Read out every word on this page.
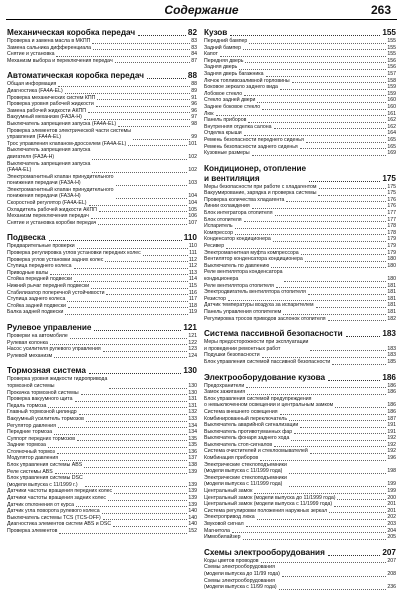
Содержание	263
Механическая коробка передач	82
Проверка и замена масла в МКПП	83
Замена сальника дифференциала	83
Снятие и установка	84
Механизм выбора и переключения передач	87
Автоматическая коробка передач	88
Общая информация	88
Диагностика (FA4A-EL)	89
Проверка механических систем КПП	91
Проверка уровня рабочей жидкости	96
Замена рабочей жидкости АКПП	96
Вакуумный механизм (FA3A-H)	97
Выключатель запрещения запуска (FA4A-EL)	98
Проверка элементов электрической части системы
управления (FA4A-EL)	99
Трос управления клапаном-дросселем (FA4A-EL)	101
Выключатель запрещения запуска
двигателя (FA3A-H)	102
Выключатель запрещения запуска
(FA4A-EL)	102
Электромагнитный клапан принудительного
понижения передачи (FA3A-H)	103
Электромагнитный клапан принудительного
понижения передачи (FA3A-H)	104
Скоростной регулятор (FA4A-EL)	104
Охладитель рабочей жидкости АКПП	105
Механизм переключения передач	106
Снятие и установка коробки передач	107
Подвеска	110
Предварительные проверки	110
Проверка регулировка углов установки передних колес	111
Проверка углов установки задних колес	112
Ступица переднего колеса	112
Приводные валы	113
Стойка передней подвески	114
Нижний рычаг передней подвески	115
Стабилизатор поперечной устойчивости	116
Ступица заднего колеса	117
Стойка задней подвески	118
Балка задней подвески	119
Рулевое управление	121
Проверки на автомобиле	121
Рулевая колонка	122
Насос усилителя рулевого управления	123
Рулевой механизм	124
Тормозная система	130
Проверка уровня жидкости гидропривода
тормозной системы	130
Прокачка тормозной системы	130
Проверка вакуумного щита	131
Педаль тормоза	131
Главный тормозной цилиндр	132
Вакуумный усилитель тормозов	133
Регулятор давления	134
Передние тормоза	134
Суппорт передних тормозов	135
Задние тормоза	135
Стояночный тормоз	136
Модулятор давления	137
Блок управления системы ABS	138
Реле системы ABS	139
Блок управления системы DSC
(модели выпуска с 11/1999 г.)	139
Датчики частоты вращения передних колес	139
Датчики частоты вращения задних колес	139
Датчик отклонения от курса	139
Датчик угла поворота рулевого колеса	140
Выключатель системы TCS (TCS-OFF)	140
Диагностика элементов систем ABS и DSC	140
Проверка элементов	152
Кузов	155
Передний бампер	155
Задний бампер	155
Капот	155
Передняя дверь	156
Задняя дверь	156
Задняя дверь багажника	157
Лючок топливозаливной горловины	158
Боковое зеркало заднего вида	159
Лобовое стекло	159
Стекло задней двери	160
Заднее боковое стекло	160
Люк	161
Панель приборов	162
Внутренняя отделка салона	162
Отделка крыши	164
Ремень безопасности переднего сиденья	165
Ремень безопасности заднего сиденья	165
Кузовные размеры	169
Кондиционер, отопление
и вентиляция	175
Меры безопасности при работе с хладагентом	175
Вакуумирование, зарядка и проверка системы	175
Проверка количества хладагента	176
Линии охлаждения	176
Блок интегратора отопителя	177
Блок отопителя	177
Испаритель	178
Компрессор	178
Конденсатор кондиционера	179
Ресивер	179
Электромагнитная муфта компрессора	179
Вентилятор конденсатора кондиционера	180
Выключатель по давлению	180
Реле вентилятора конденсатора
кондиционера	180
Реле вентилятора отопителя	181
Электродвигатель вентилятора отопителя	181
Резистор	181
Датчик температуры воздуха за испарителем	181
Панель управления отопителем	181
Регулировка тросов приводов заслонок отопителя	182
Система пассивной безопасности	183
Меры предосторожности при эксплуатации
и проведении ремонтных работ	183
Подушки безопасности	183
Блок управления системой пассивной безопасности	185
Электрооборудование кузова	186
Предохранители	186
Замок зажигания	186
Блок управления системой предупреждения
о невыключенном освещении и центральным замком	186
Система внешнего освещения	186
Комбинированный переключатель	187
Выключатель аварийной сигнализации	191
Выключатель противотуманных фар	191
Выключатель фонаря заднего хода	192
Выключатель стоп-сигналов	192
Система очистителей и стеклоомывателей	192
Комбинация приборов	196
Электрические стеклоподъемники
(модели выпуска с 11/1999 года)	198
Электрические стеклоподъемники
(модели выпуска с 11/1999 года)	199
Центральный замок	199
Центральный замок (модели выпуска до 11/1999 года)	200
Центральный замок (модели выпуска с 11/1999 года)	201
Система регулировки положения наружных зеркал	201
Электропривод люка	202
Звуковой сигнал	203
Магнитола	204
Иммобилайзер	205
Схемы электрооборудования	207
Коды цветов проводов	207
Схемы электрооборудования
(модели выпуска до 11/99 года)	208
Схемы электрооборудования
(модели выпуска с 11/99 года)	236
